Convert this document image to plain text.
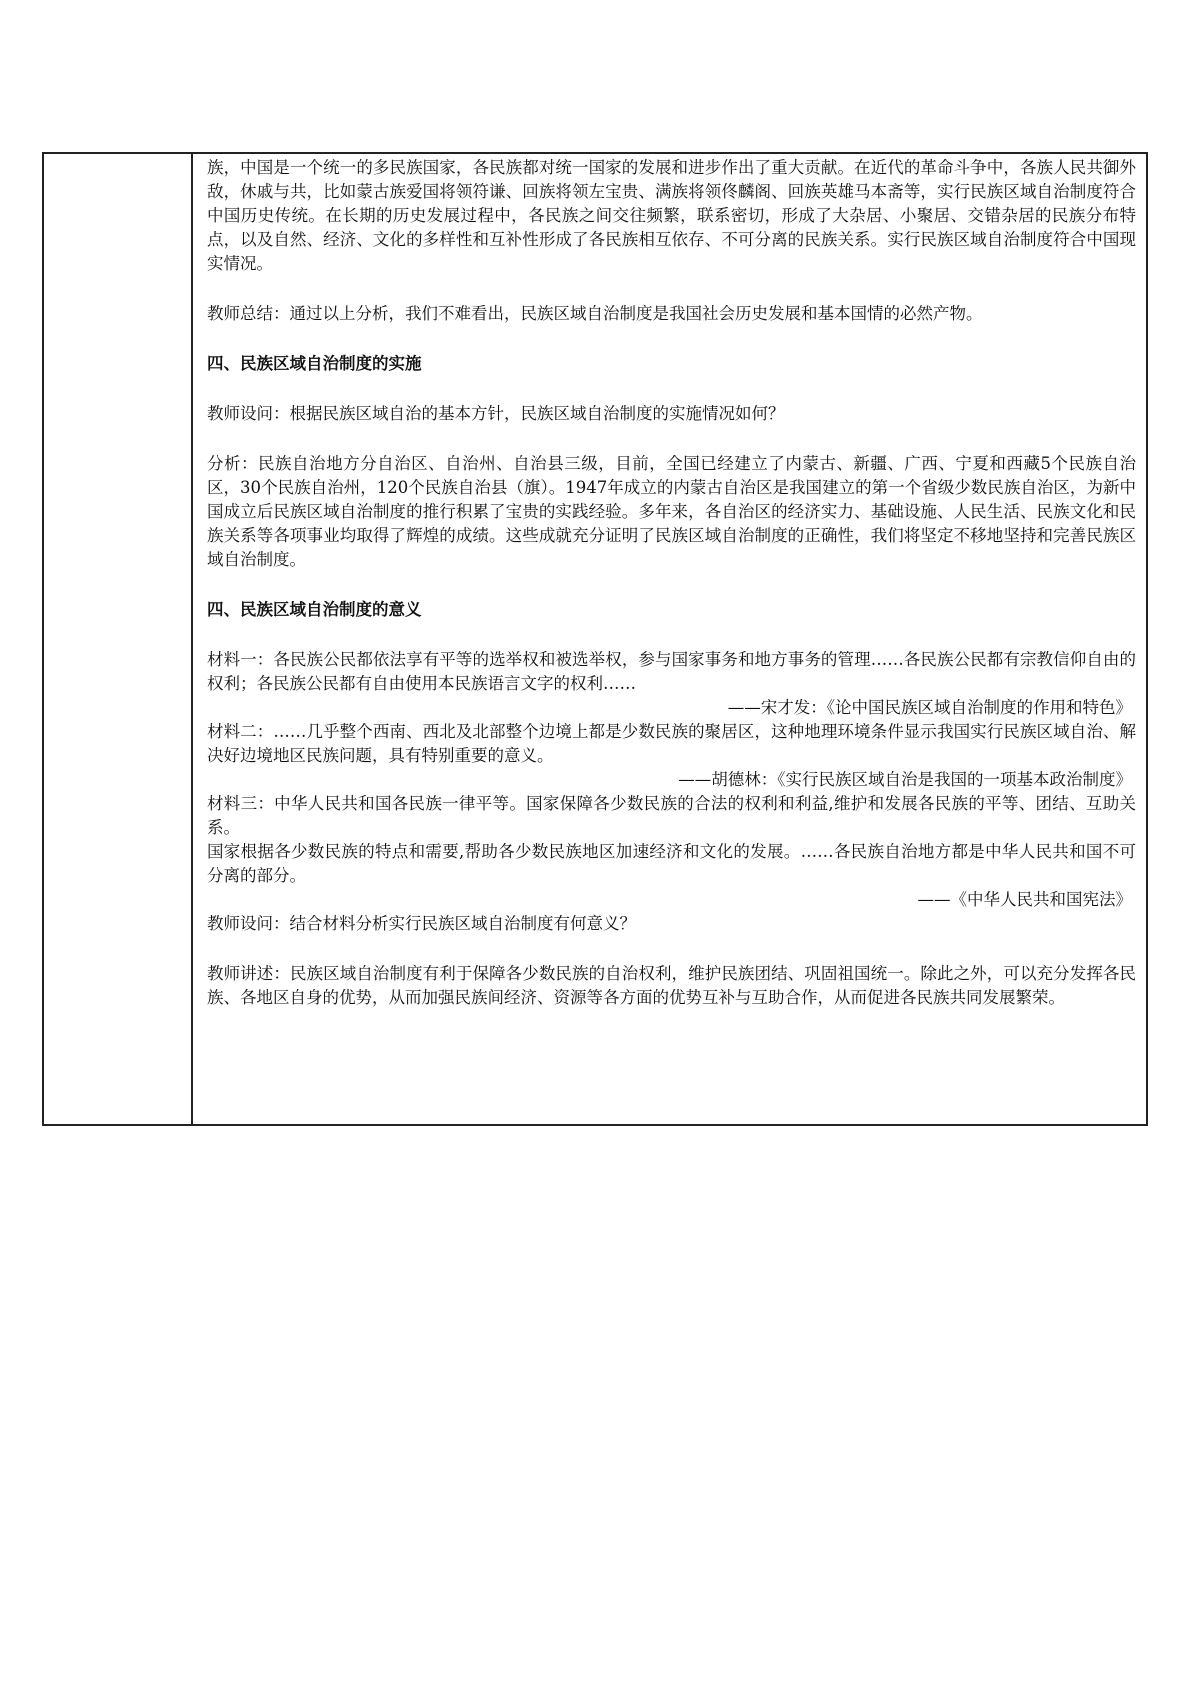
族，中国是一个统一的多民族国家，各民族都对统一国家的发展和进步作出了重大贡献。在近代的革命斗争中，各族人民共御外敌，休戚与共，比如蒙古族爱国将领符谦、回族将领左宝贵、满族将领佟麟阁、回族英雄马本斋等，实行民族区域自治制度符合中国历史传统。在长期的历史发展过程中，各民族之间交往频繁，联系密切，形成了大杂居、小聚居、交错杂居的民族分布特点，以及自然、经济、文化的多样性和互补性形成了各民族相互依存、不可分离的民族关系。实行民族区域自治制度符合中国现实情况。

教师总结：通过以上分析，我们不难看出，民族区域自治制度是我国社会历史发展和基本国情的必然产物。

四、民族区域自治制度的实施

教师设问：根据民族区域自治的基本方针，民族区域自治制度的实施情况如何？

分析：民族自治地方分自治区、自治州、自治县三级，目前，全国已经建立了内蒙古、新疆、广西、宁夏和西藏5个民族自治区，30个民族自治州，120个民族自治县（旗）。1947年成立的内蒙古自治区是我国建立的第一个省级少数民族自治区，为新中国成立后民族区域自治制度的推行积累了宝贵的实践经验。多年来，各自治区的经济实力、基础设施、人民生活、民族文化和民族关系等各项事业均取得了辉煌的成绩。这些成就充分证明了民族区域自治制度的正确性，我们将坚定不移地坚持和完善民族区域自治制度。

四、民族区域自治制度的意义

材料一：各民族公民都依法享有平等的选举权和被选举权，参与国家事务和地方事务的管理……各民族公民都有宗教信仰自由的权利；各民族公民都有自由使用本民族语言文字的权利……

——宋才发：《论中国民族区域自治制度的作用和特色》

材料二：……几乎整个西南、西北及北部整个边境上都是少数民族的聚居区，这种地理环境条件显示我国实行民族区域自治、解决好边境地区民族问题，具有特别重要的意义。

——胡德林：《实行民族区域自治是我国的一项基本政治制度》

材料三：中华人民共和国各民族一律平等。国家保障各少数民族的合法的权利和利益,维护和发展各民族的平等、团结、互助关系。

国家根据各少数民族的特点和需要,帮助各少数民族地区加速经济和文化的发展。……各民族自治地方都是中华人民共和国不可分离的部分。

——《中华人民共和国宪法》

教师设问：结合材料分析实行民族区域自治制度有何意义？

教师讲述：民族区域自治制度有利于保障各少数民族的自治权利，维护民族团结、巩固祖国统一。除此之外，可以充分发挥各民族、各地区自身的优势，从而加强民族间经济、资源等各方面的优势互补与互助合作，从而促进各民族共同发展繁荣。
